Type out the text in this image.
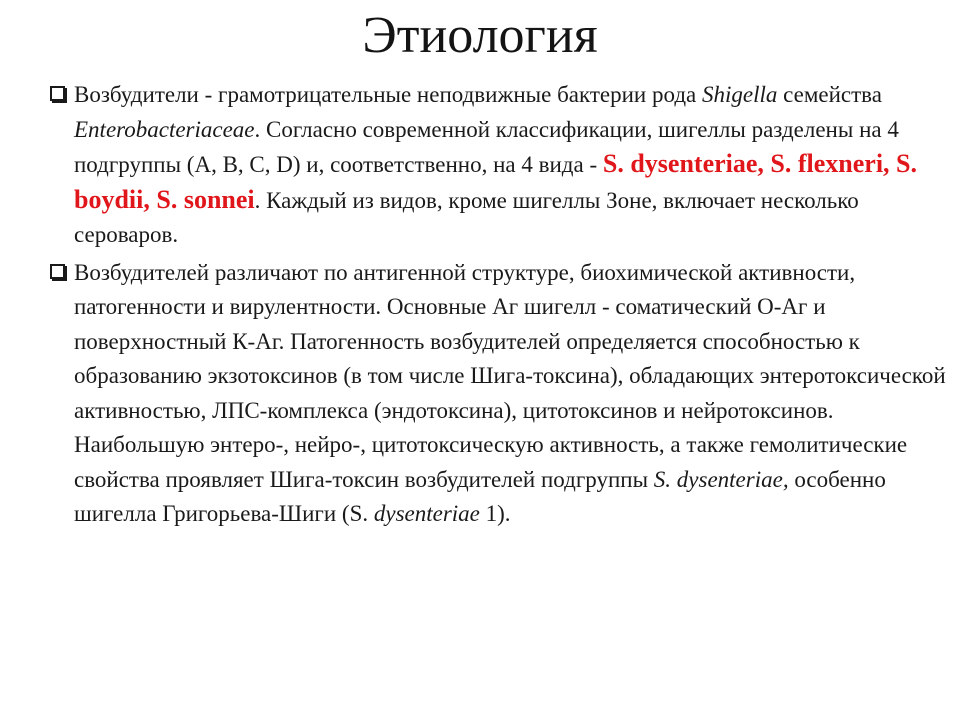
Этиология
Возбудители - грамотрицательные неподвижные бактерии рода Shigella семейства Enterobacteriaceae. Согласно современной классификации, шигеллы разделены на 4 подгруппы (A, B, C, D) и, соответственно, на 4 вида - S. dysenteriae, S. flexneri, S. boydii, S. sonnei. Каждый из видов, кроме шигеллы Зоне, включает несколько сероваров.
Возбудителей различают по антигенной структуре, биохимической активности, патогенности и вирулентности. Основные Аг шигелл - соматический О-Аг и поверхностный К-Аг. Патогенность возбудителей определяется способностью к образованию экзотоксинов (в том числе Шига-токсина), обладающих энтеротоксической активностью, ЛПС-комплекса (эндотоксина), цитотоксинов и нейротоксинов. Наибольшую энтеро-, нейро-, цитотоксическую активность, а также гемолитические свойства проявляет Шига-токсин возбудителей подгруппы S. dysenteriae, особенно шигелла Григорьева-Шиги (S. dysenteriae 1).
